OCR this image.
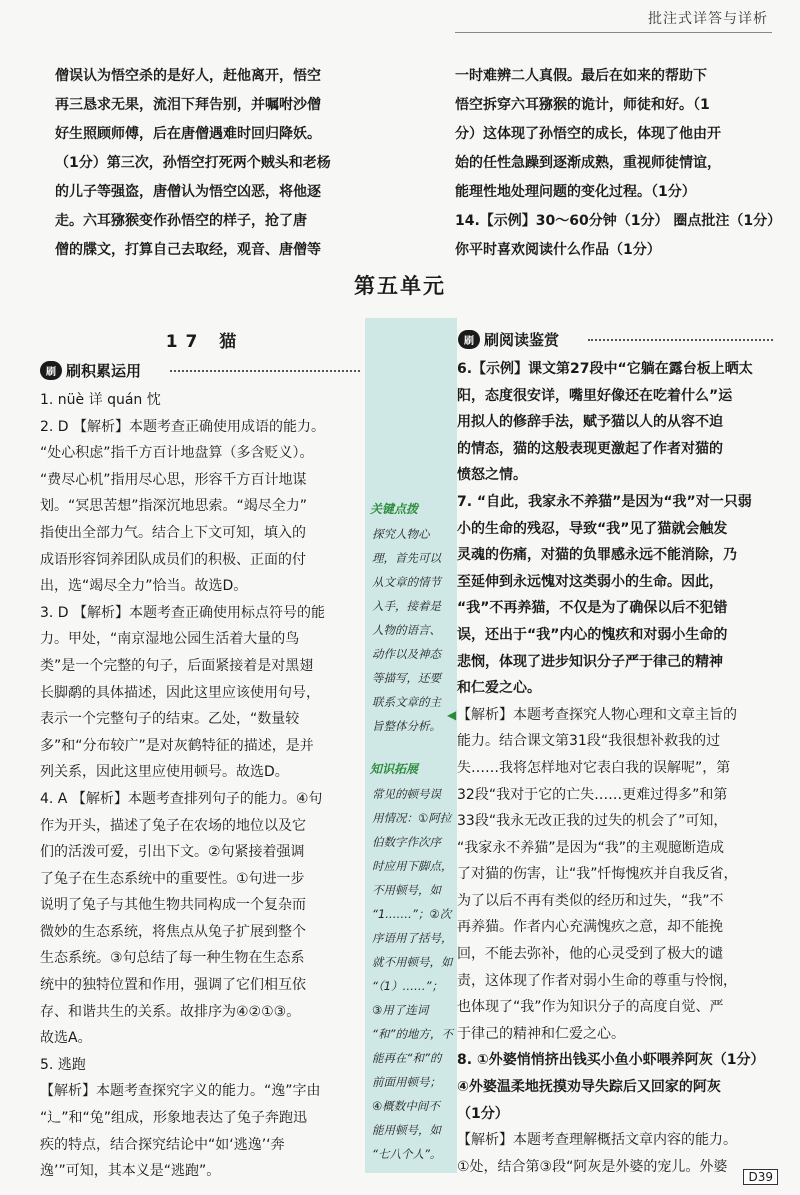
批注式详答与详析

僧误认为悟空杀的是好人，赶他离开，悟空

再三恳求无果，流泪下拜告别，并嘱咐沙僧

好生照顾师傅，后在唐僧遇难时回归降妖。

（1分）第三次，孙悟空打死两个贼头和老杨

的儿子等强盗，唐僧认为悟空凶恶，将他逐

走。六耳猕猴变作孙悟空的样子，抢了唐

僧的牒文，打算自己去取经，观音、唐僧等

一时难辨二人真假。最后在如来的帮助下

悟空拆穿六耳猕猴的诡计，师徒和好。（1

分）这体现了孙悟空的成长，体现了他由开

始的任性急躁到逐渐成熟，重视师徒情谊，

能理性地处理问题的变化过程。（1分）

14.【示例】30～60分钟（1分） 圈点批注（1分）

你平时喜欢阅读什么作品（1分）

第五单元
17 猫
刷 刷积累运用
刷 刷阅读鉴赏

1. nüè 详 quán 忱

2. D 【解析】本题考查正确使用成语的能力。

“处心积虑”指千方百计地盘算（多含贬义）。

“费尽心机”指用尽心思，形容千方百计地谋

划。“冥思苦想”指深沉地思索。“竭尽全力”

指使出全部力气。结合上下文可知，填入的

成语形容饲养团队成员们的积极、正面的付

出，选“竭尽全力”恰当。故选D。

3. D 【解析】本题考查正确使用标点符号的能

力。甲处，“南京湿地公园生活着大量的鸟

类”是一个完整的句子，后面紧接着是对黑翅

长脚鹬的具体描述，因此这里应该使用句号，

表示一个完整句子的结束。乙处，“数量较

多”和“分布较广”是对灰鹤特征的描述，是并

列关系，因此这里应使用顿号。故选D。

4. A 【解析】本题考查排列句子的能力。④句

作为开头，描述了兔子在农场的地位以及它

们的活泼可爱，引出下文。②句紧接着强调

了兔子在生态系统中的重要性。①句进一步

说明了兔子与其他生物共同构成一个复杂而

微妙的生态系统，将焦点从兔子扩展到整个

生态系统。③句总结了每一种生物在生态系

统中的独特位置和作用，强调了它们相互依

存、和谐共生的关系。故排序为④②①③。

故选A。

5. 逃跑

【解析】本题考查探究字义的能力。“逸”字由

“辶”和“兔”组成，形象地表达了兔子奔跑迅

疾的特点，结合探究结论中“如‘逃逸’‘奔

逸’”可知，其本义是“逃跑”。

关键点拨

探究人物心

理，首先可以

从文章的情节

入手，接着是

人物的语言、

动作以及神态

等描写，还要

联系文章的主

旨整体分析。

◀
知识拓展

常见的顿号误

用情况：①阿拉

伯数字作次序

时应用下脚点，

不用顿号，如

“1.……”；②次

序语用了括号，

就不用顿号，如

“（1）……”；

③用了连词

“和”的地方，不

能再在“和”的

前面用顿号；

④概数中间不

能用顿号，如

“七八个人”。

6.【示例】课文第27段中“它躺在露台板上晒太

阳，态度很安详，嘴里好像还在吃着什么”运

用拟人的修辞手法，赋予猫以人的从容不迫

的情态，猫的这般表现更激起了作者对猫的

愤怒之情。

7. “自此，我家永不养猫”是因为“我”对一只弱

小的生命的残忍，导致“我”见了猫就会触发

灵魂的伤痛，对猫的负罪感永远不能消除，乃

至延伸到永远愧对这类弱小的生命。因此，

“我”不再养猫，不仅是为了确保以后不犯错

误，还出于“我”内心的愧疚和对弱小生命的

悲悯，体现了进步知识分子严于律己的精神

和仁爱之心。

【解析】本题考查探究人物心理和文章主旨的

能力。结合课文第31段“我很想补救我的过

失……我将怎样地对它表白我的误解呢”，第

32段“我对于它的亡失……更难过得多”和第

33段“我永无改正我的过失的机会了”可知，

“我家永不养猫”是因为“我”的主观臆断造成

了对猫的伤害，让“我”忏悔愧疚并自我反省，

为了以后不再有类似的经历和过失，“我”不

再养猫。作者内心充满愧疚之意，却不能挽

回，不能去弥补，他的心灵受到了极大的谴

责，这体现了作者对弱小生命的尊重与怜悯，

也体现了“我”作为知识分子的高度自觉、严

于律己的精神和仁爱之心。

8. ①外婆悄悄挤出钱买小鱼小虾喂养阿灰（1分）

④外婆温柔地抚摸劝导失踪后又回家的阿灰

（1分）

【解析】本题考查理解概括文章内容的能力。

①处，结合第③段“阿灰是外婆的宠儿。外婆

D39
